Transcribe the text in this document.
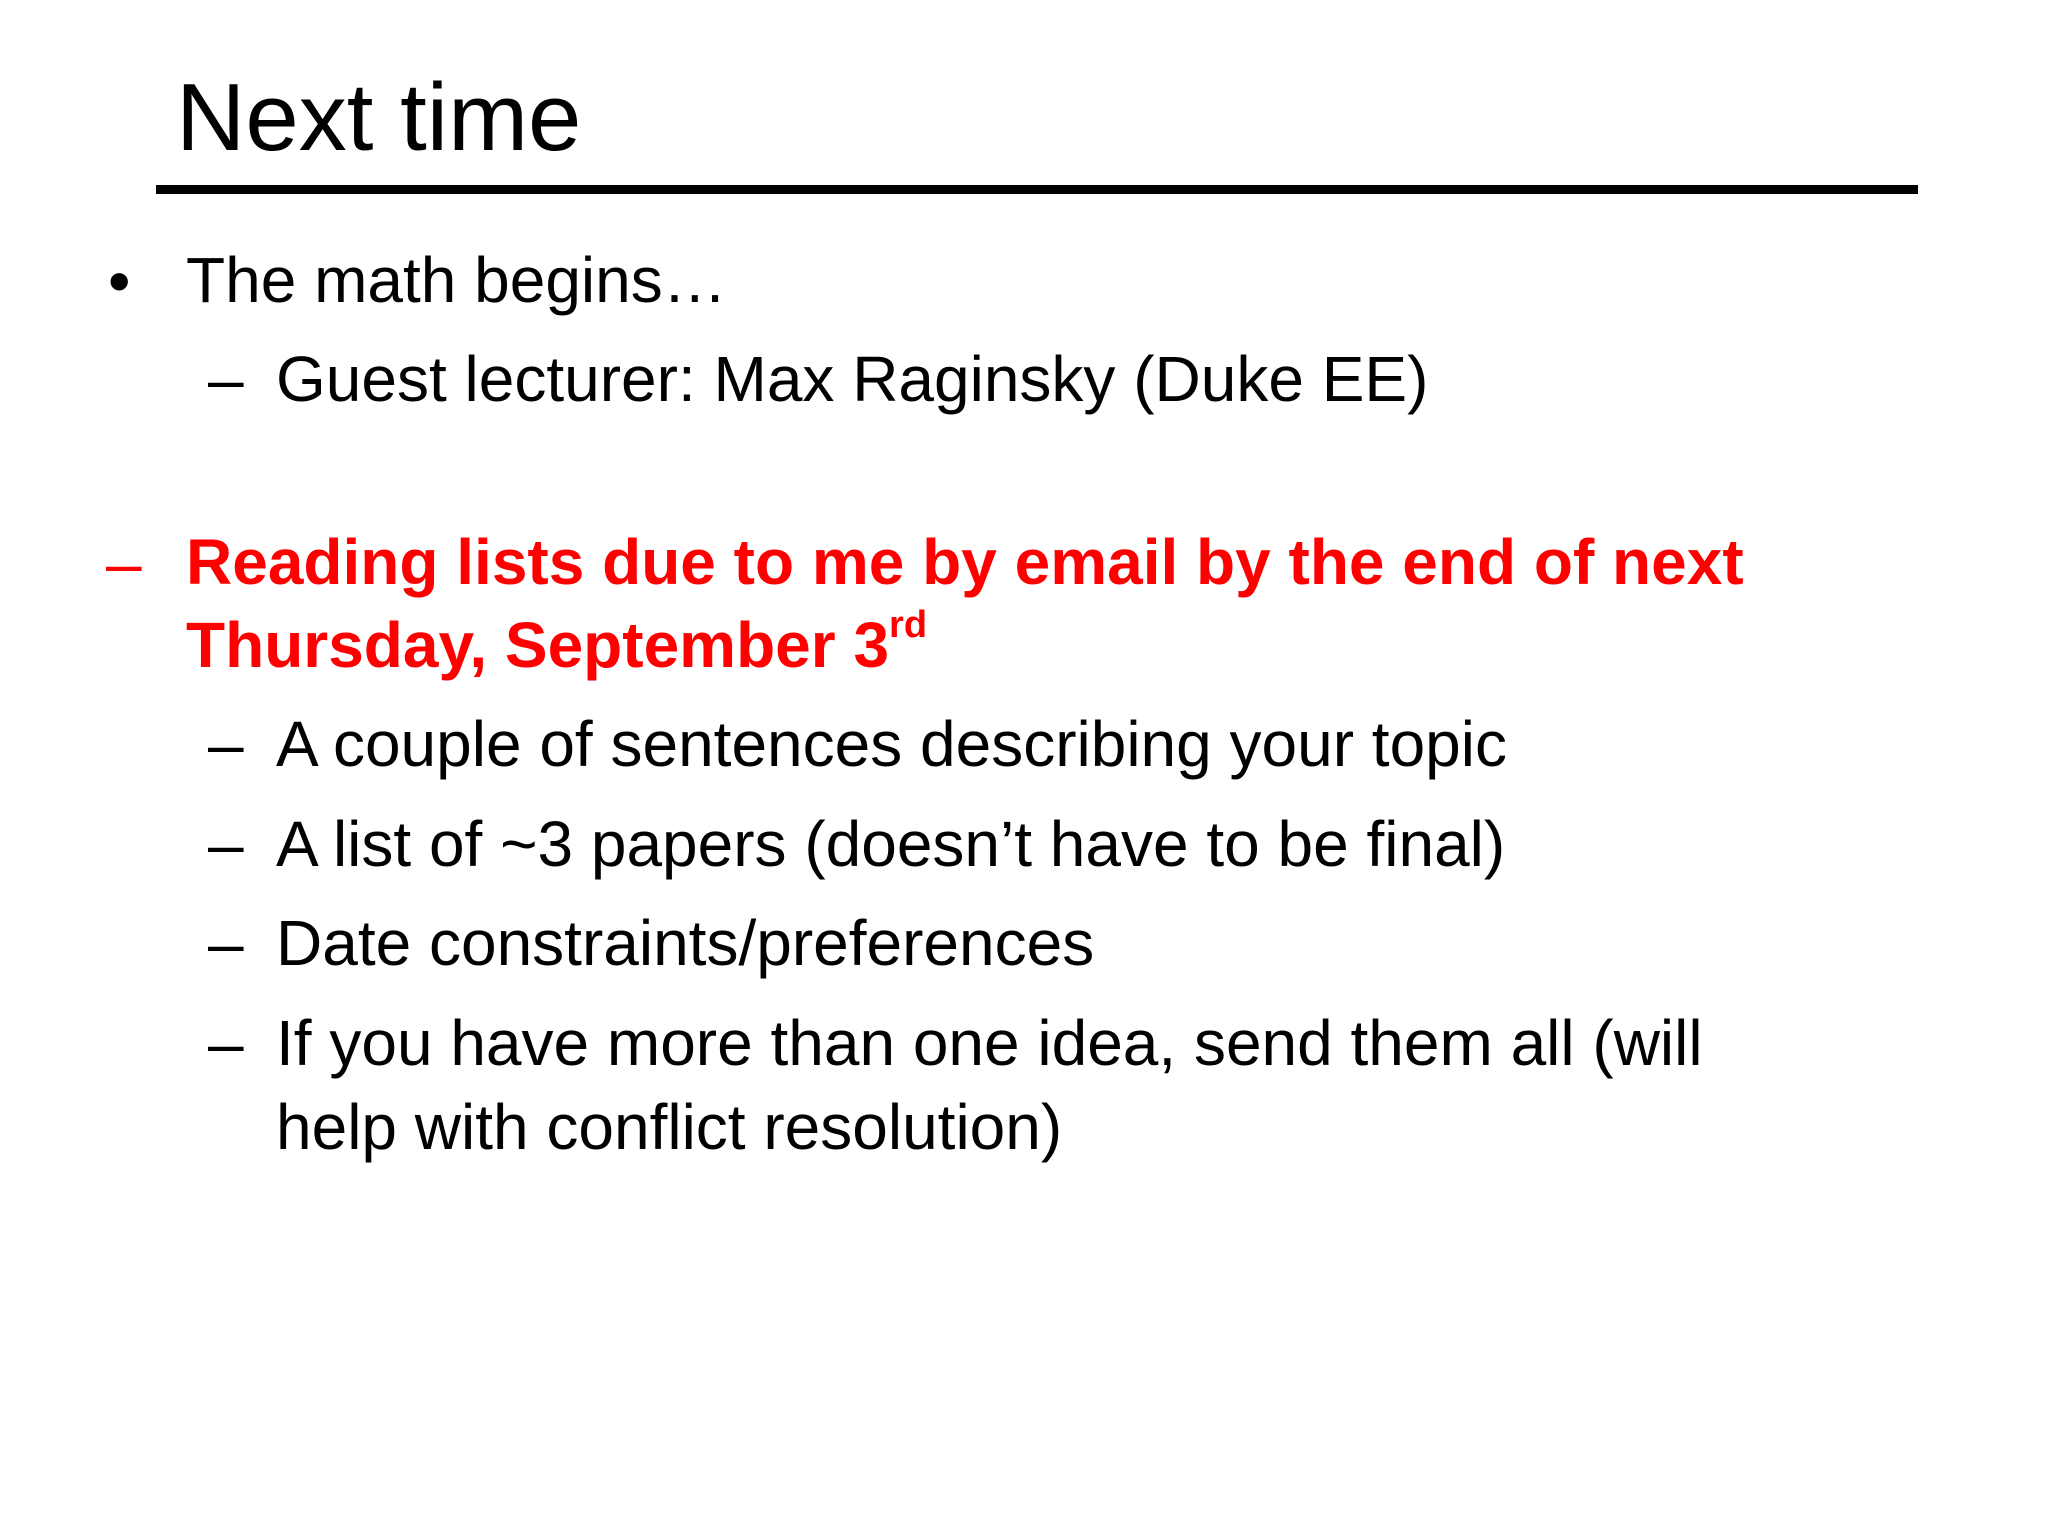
Next time
• The math begins…
– Guest lecturer: Max Raginsky (Duke EE)
– Reading lists due to me by email by the end of next
Thursday, September 3rd
– A couple of sentences describing your topic
– A list of ~3 papers (doesn’t have to be final)
– Date constraints/preferences
– If you have more than one idea, send them all (will
help with conflict resolution)
